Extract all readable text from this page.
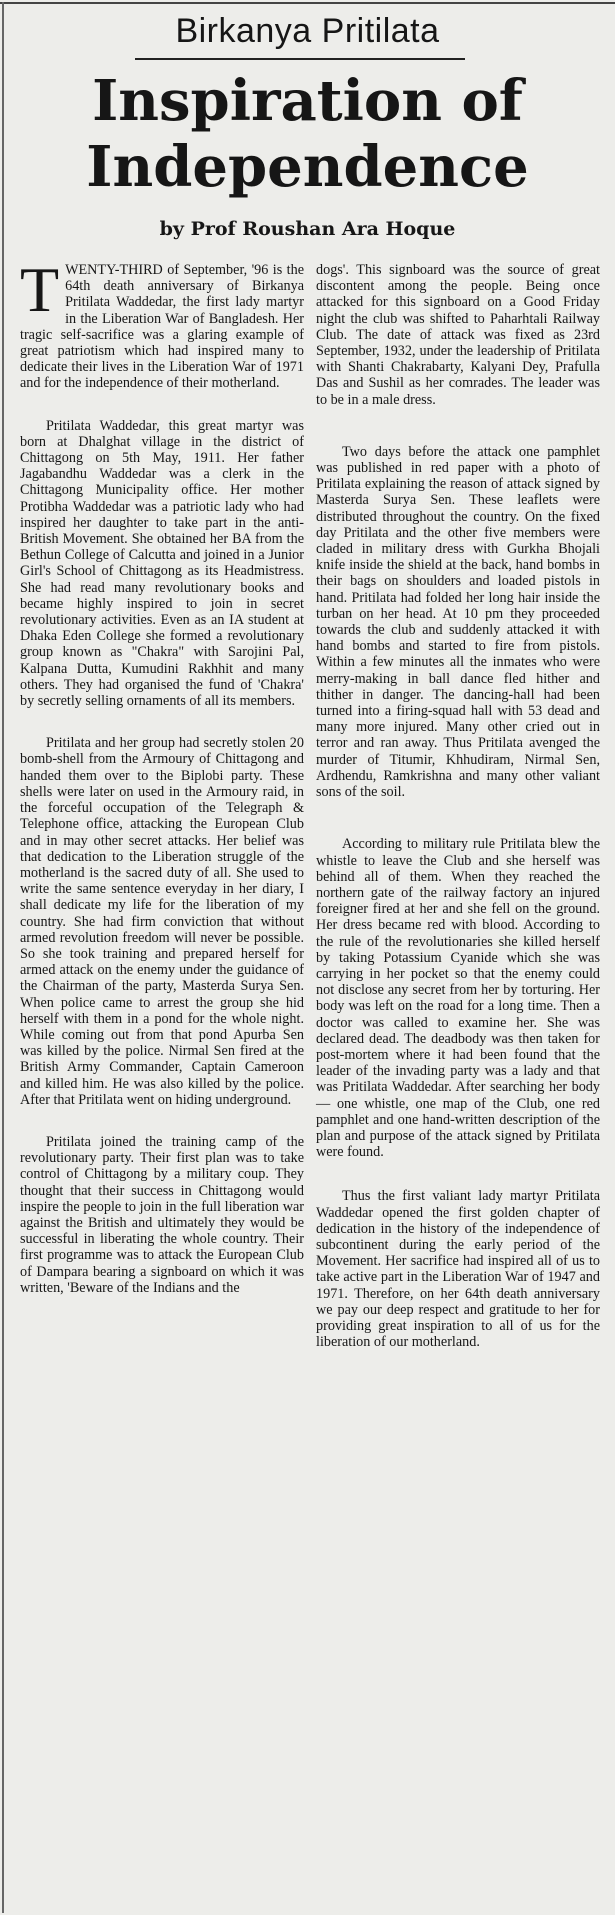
Birkanya Pritilata
Inspiration of
Independence
by Prof Roushan Ara Hoque

TWENTY-THIRD of September, '96 is the 64th death anniversary of Birkanya Pritilata Waddedar, the first lady martyr in the Liberation War of Bangladesh. Her tragic self-sacrifice was a glaring example of great patriotism which had inspired many to dedicate their lives in the Liberation War of 1971 and for the independence of their motherland.

Pritilata Waddedar, this great martyr was born at Dhalghat village in the district of Chittagong on 5th May, 1911. Her father Jagabandhu Waddedar was a clerk in the Chittagong Municipality office. Her mother Protibha Waddedar was a patriotic lady who had inspired her daughter to take part in the anti-British Movement. She obtained her BA from the Bethun College of Calcutta and joined in a Junior Girl's School of Chittagong as its Headmistress. She had read many revolutionary books and became highly inspired to join in secret revolutionary activities. Even as an IA student at Dhaka Eden College she formed a revolutionary group known as "Chakra" with Sarojini Pal, Kalpana Dutta, Kumudini Rakhhit and many others. They had organised the fund of 'Chakra' by secretly selling ornaments of all its members.

Pritilata and her group had secretly stolen 20 bomb-shell from the Armoury of Chittagong and handed them over to the Biplobi party. These shells were later on used in the Armoury raid, in the forceful occupation of the Telegraph & Telephone office, attacking the European Club and in may other secret attacks. Her belief was that dedication to the Liberation struggle of the motherland is the sacred duty of all. She used to write the same sentence everyday in her diary, I shall dedicate my life for the liberation of my country. She had firm conviction that without armed revolution freedom will never be possible. So she took training and prepared herself for armed attack on the enemy under the guidance of the Chairman of the party, Masterda Surya Sen. When police came to arrest the group she hid herself with them in a pond for the whole night. While coming out from that pond Apurba Sen was killed by the police. Nirmal Sen fired at the British Army Commander, Captain Cameroon and killed him. He was also killed by the police. After that Pritilata went on hiding underground.

Pritilata joined the training camp of the revolutionary party. Their first plan was to take control of Chittagong by a military coup. They thought that their success in Chittagong would inspire the people to join in the full liberation war against the British and ultimately they would be successful in liberating the whole country. Their first programme was to attack the European Club of Dampara bearing a signboard on which it was written, 'Beware of the Indians and the

dogs'. This signboard was the source of great discontent among the people. Being once attacked for this signboard on a Good Friday night the club was shifted to Paharhtali Railway Club. The date of attack was fixed as 23rd September, 1932, under the leadership of Pritilata with Shanti Chakrabarty, Kalyani Dey, Prafulla Das and Sushil as her comrades. The leader was to be in a male dress.

Two days before the attack one pamphlet was published in red paper with a photo of Pritilata explaining the reason of attack signed by Masterda Surya Sen. These leaflets were distributed throughout the country. On the fixed day Pritilata and the other five members were claded in military dress with Gurkha Bhojali knife inside the shield at the back, hand bombs in their bags on shoulders and loaded pistols in hand. Pritilata had folded her long hair inside the turban on her head. At 10 pm they proceeded towards the club and suddenly attacked it with hand bombs and started to fire from pistols. Within a few minutes all the inmates who were merry-making in ball dance fled hither and thither in danger. The dancing-hall had been turned into a firing-squad hall with 53 dead and many more injured. Many other cried out in terror and ran away. Thus Pritilata avenged the murder of Titumir, Khhudiram, Nirmal Sen, Ardhendu, Ramkrishna and many other valiant sons of the soil.

According to military rule Pritilata blew the whistle to leave the Club and she herself was behind all of them. When they reached the northern gate of the railway factory an injured foreigner fired at her and she fell on the ground. Her dress became red with blood. According to the rule of the revolutionaries she killed herself by taking Potassium Cyanide which she was carrying in her pocket so that the enemy could not disclose any secret from her by torturing. Her body was left on the road for a long time. Then a doctor was called to examine her. She was declared dead. The deadbody was then taken for post-mortem where it had been found that the leader of the invading party was a lady and that was Pritilata Waddedar. After searching her body — one whistle, one map of the Club, one red pamphlet and one hand-written description of the plan and purpose of the attack signed by Pritilata were found.

Thus the first valiant lady martyr Pritilata Waddedar opened the first golden chapter of dedication in the history of the independence of subcontinent during the early period of the Movement. Her sacrifice had inspired all of us to take active part in the Liberation War of 1947 and 1971. Therefore, on her 64th death anniversary we pay our deep respect and gratitude to her for providing great inspiration to all of us for the liberation of our motherland.
